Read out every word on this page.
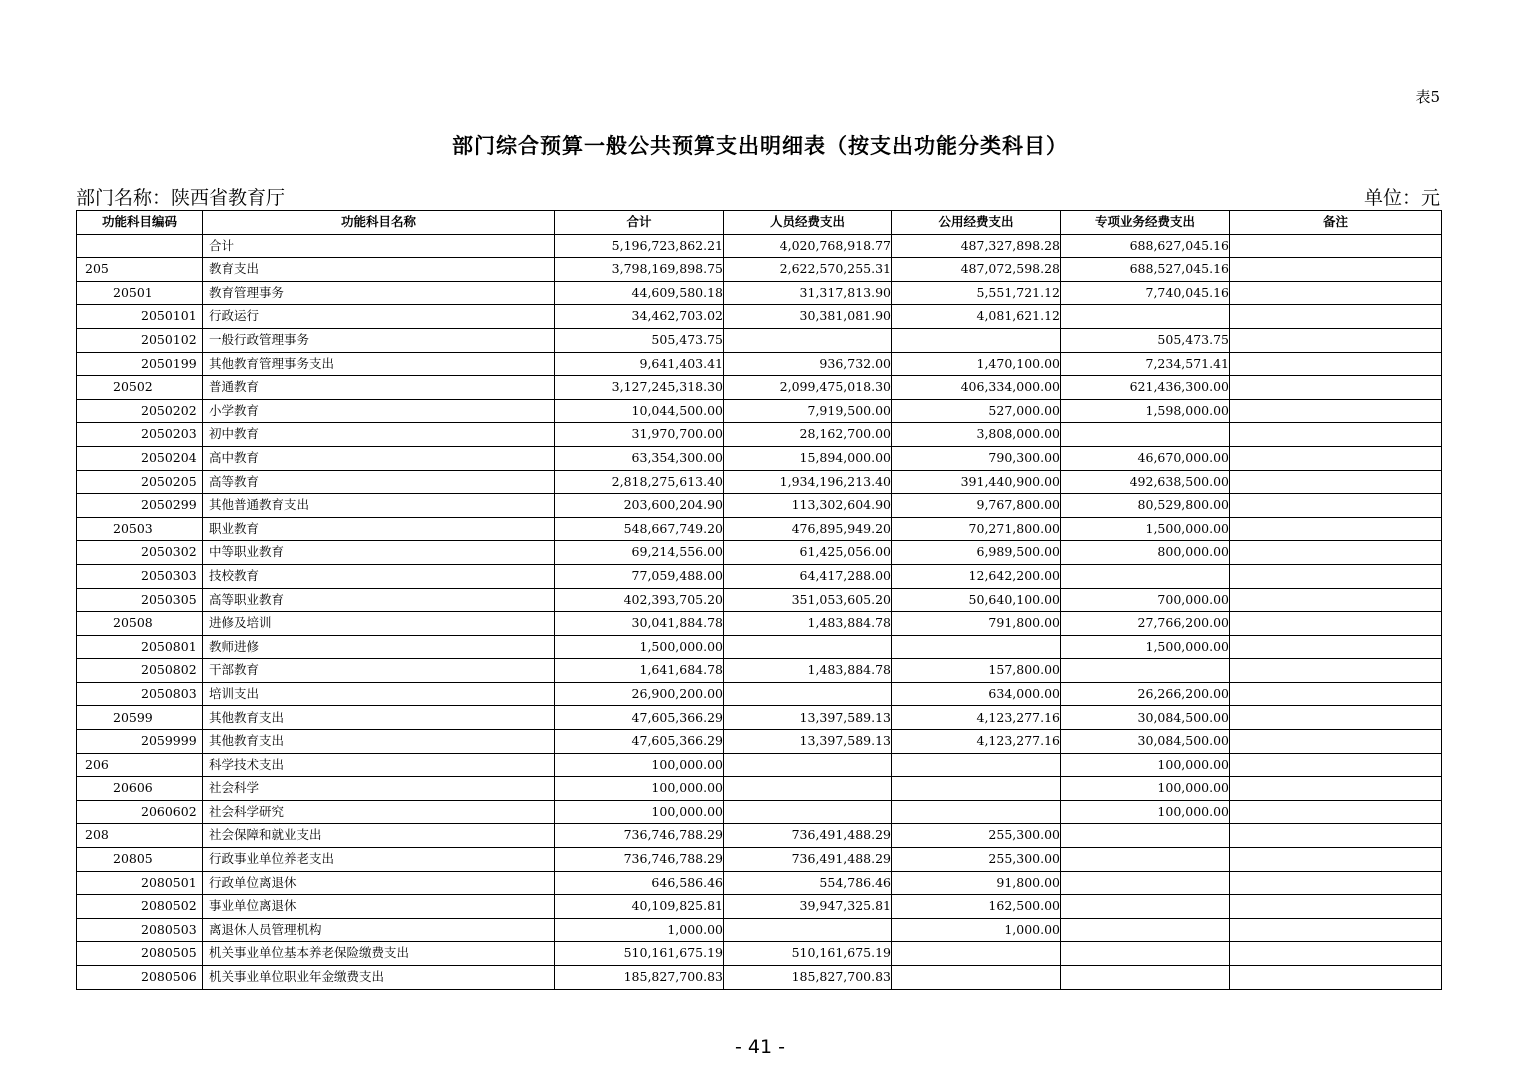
表5
部门综合预算一般公共预算支出明细表（按支出功能分类科目）
部门名称：陕西省教育厅	单位：元
功能科目编码	功能科目名称	合计	人员经费支出	公用经费支出	专项业务经费支出	备注
	合计	5,196,723,862.21	4,020,768,918.77	487,327,898.28	688,627,045.16	
205	教育支出	3,798,169,898.75	2,622,570,255.31	487,072,598.28	688,527,045.16	
20501	教育管理事务	44,609,580.18	31,317,813.90	5,551,721.12	7,740,045.16	
2050101	行政运行	34,462,703.02	30,381,081.90	4,081,621.12		
2050102	一般行政管理事务	505,473.75			505,473.75	
2050199	其他教育管理事务支出	9,641,403.41	936,732.00	1,470,100.00	7,234,571.41	
20502	普通教育	3,127,245,318.30	2,099,475,018.30	406,334,000.00	621,436,300.00	
2050202	小学教育	10,044,500.00	7,919,500.00	527,000.00	1,598,000.00	
2050203	初中教育	31,970,700.00	28,162,700.00	3,808,000.00		
2050204	高中教育	63,354,300.00	15,894,000.00	790,300.00	46,670,000.00	
2050205	高等教育	2,818,275,613.40	1,934,196,213.40	391,440,900.00	492,638,500.00	
2050299	其他普通教育支出	203,600,204.90	113,302,604.90	9,767,800.00	80,529,800.00	
20503	职业教育	548,667,749.20	476,895,949.20	70,271,800.00	1,500,000.00	
2050302	中等职业教育	69,214,556.00	61,425,056.00	6,989,500.00	800,000.00	
2050303	技校教育	77,059,488.00	64,417,288.00	12,642,200.00		
2050305	高等职业教育	402,393,705.20	351,053,605.20	50,640,100.00	700,000.00	
20508	进修及培训	30,041,884.78	1,483,884.78	791,800.00	27,766,200.00	
2050801	教师进修	1,500,000.00			1,500,000.00	
2050802	干部教育	1,641,684.78	1,483,884.78	157,800.00		
2050803	培训支出	26,900,200.00		634,000.00	26,266,200.00	
20599	其他教育支出	47,605,366.29	13,397,589.13	4,123,277.16	30,084,500.00	
2059999	其他教育支出	47,605,366.29	13,397,589.13	4,123,277.16	30,084,500.00	
206	科学技术支出	100,000.00			100,000.00	
20606	社会科学	100,000.00			100,000.00	
2060602	社会科学研究	100,000.00			100,000.00	
208	社会保障和就业支出	736,746,788.29	736,491,488.29	255,300.00		
20805	行政事业单位养老支出	736,746,788.29	736,491,488.29	255,300.00		
2080501	行政单位离退休	646,586.46	554,786.46	91,800.00		
2080502	事业单位离退休	40,109,825.81	39,947,325.81	162,500.00		
2080503	离退休人员管理机构	1,000.00		1,000.00		
2080505	机关事业单位基本养老保险缴费支出	510,161,675.19	510,161,675.19			
2080506	机关事业单位职业年金缴费支出	185,827,700.83	185,827,700.83			
- 41 -
